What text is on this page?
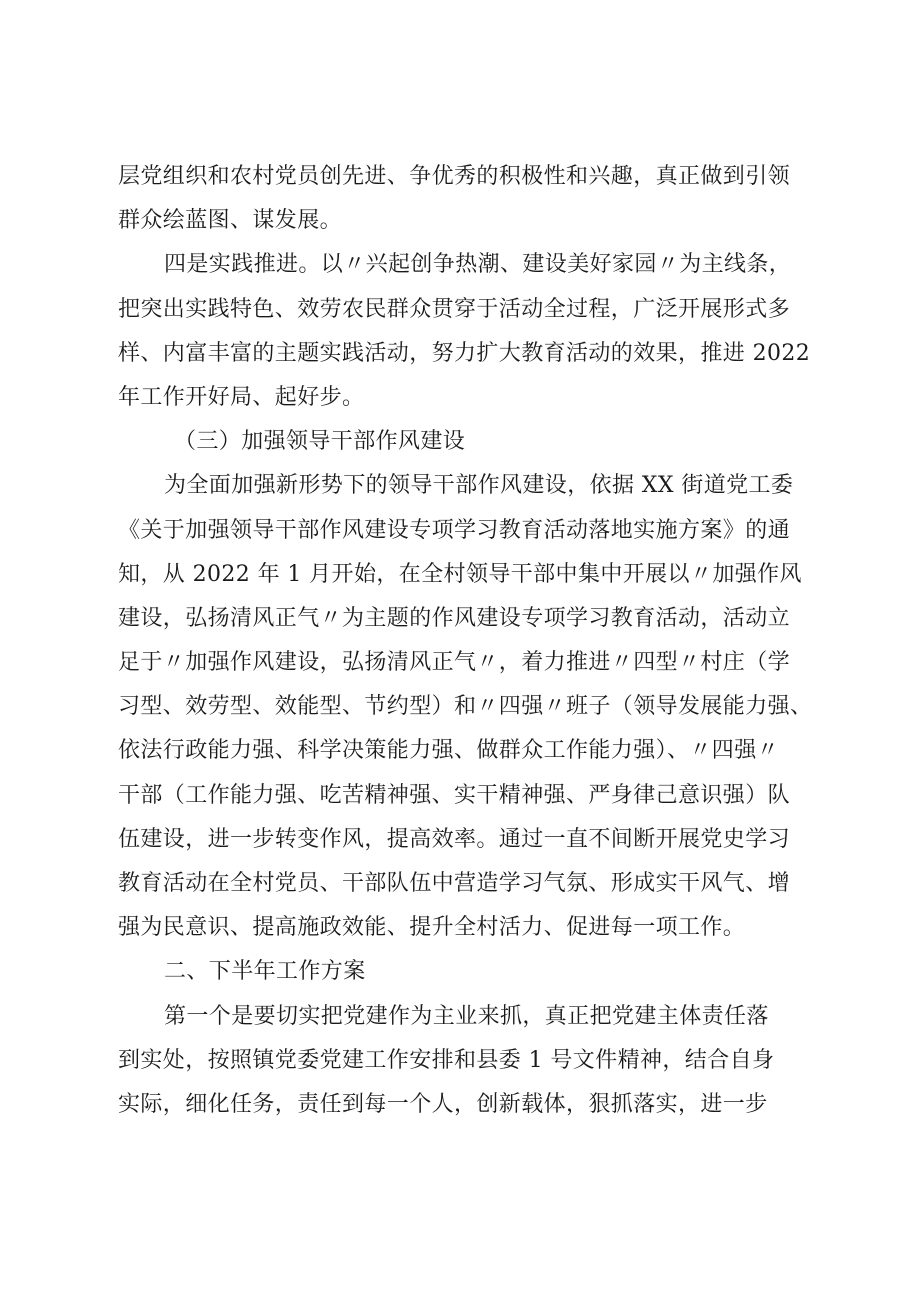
层党组织和农村党员创先进、争优秀的积极性和兴趣，真正做到引领
群众绘蓝图、谋发展。
四是实践推进。以〃兴起创争热潮、建设美好家园〃为主线条，
把突出实践特色、效劳农民群众贯穿于活动全过程，广泛开展形式多
样、内富丰富的主题实践活动，努力扩大教育活动的效果，推进 2022
年工作开好局、起好步。
（三）加强领导干部作风建设
为全面加强新形势下的领导干部作风建设，依据 XX 街道党工委
《关于加强领导干部作风建设专项学习教育活动落地实施方案》的通
知，从 2022 年 1 月开始，在全村领导干部中集中开展以〃加强作风
建设，弘扬清风正气〃为主题的作风建设专项学习教育活动，活动立
足于〃加强作风建设，弘扬清风正气〃，着力推进〃四型〃村庄（学
习型、效劳型、效能型、节约型）和〃四强〃班子（领导发展能力强、
依法行政能力强、科学决策能力强、做群众工作能力强）、〃四强〃
干部（工作能力强、吃苦精神强、实干精神强、严身律己意识强）队
伍建设，进一步转变作风，提高效率。通过一直不间断开展党史学习
教育活动在全村党员、干部队伍中营造学习气氛、形成实干风气、增
强为民意识、提高施政效能、提升全村活力、促进每一项工作。
二、下半年工作方案
第一个是要切实把党建作为主业来抓，真正把党建主体责任落
到实处，按照镇党委党建工作安排和县委 1 号文件精神，结合自身
实际，细化任务，责任到每一个人，创新载体，狠抓落实，进一步
